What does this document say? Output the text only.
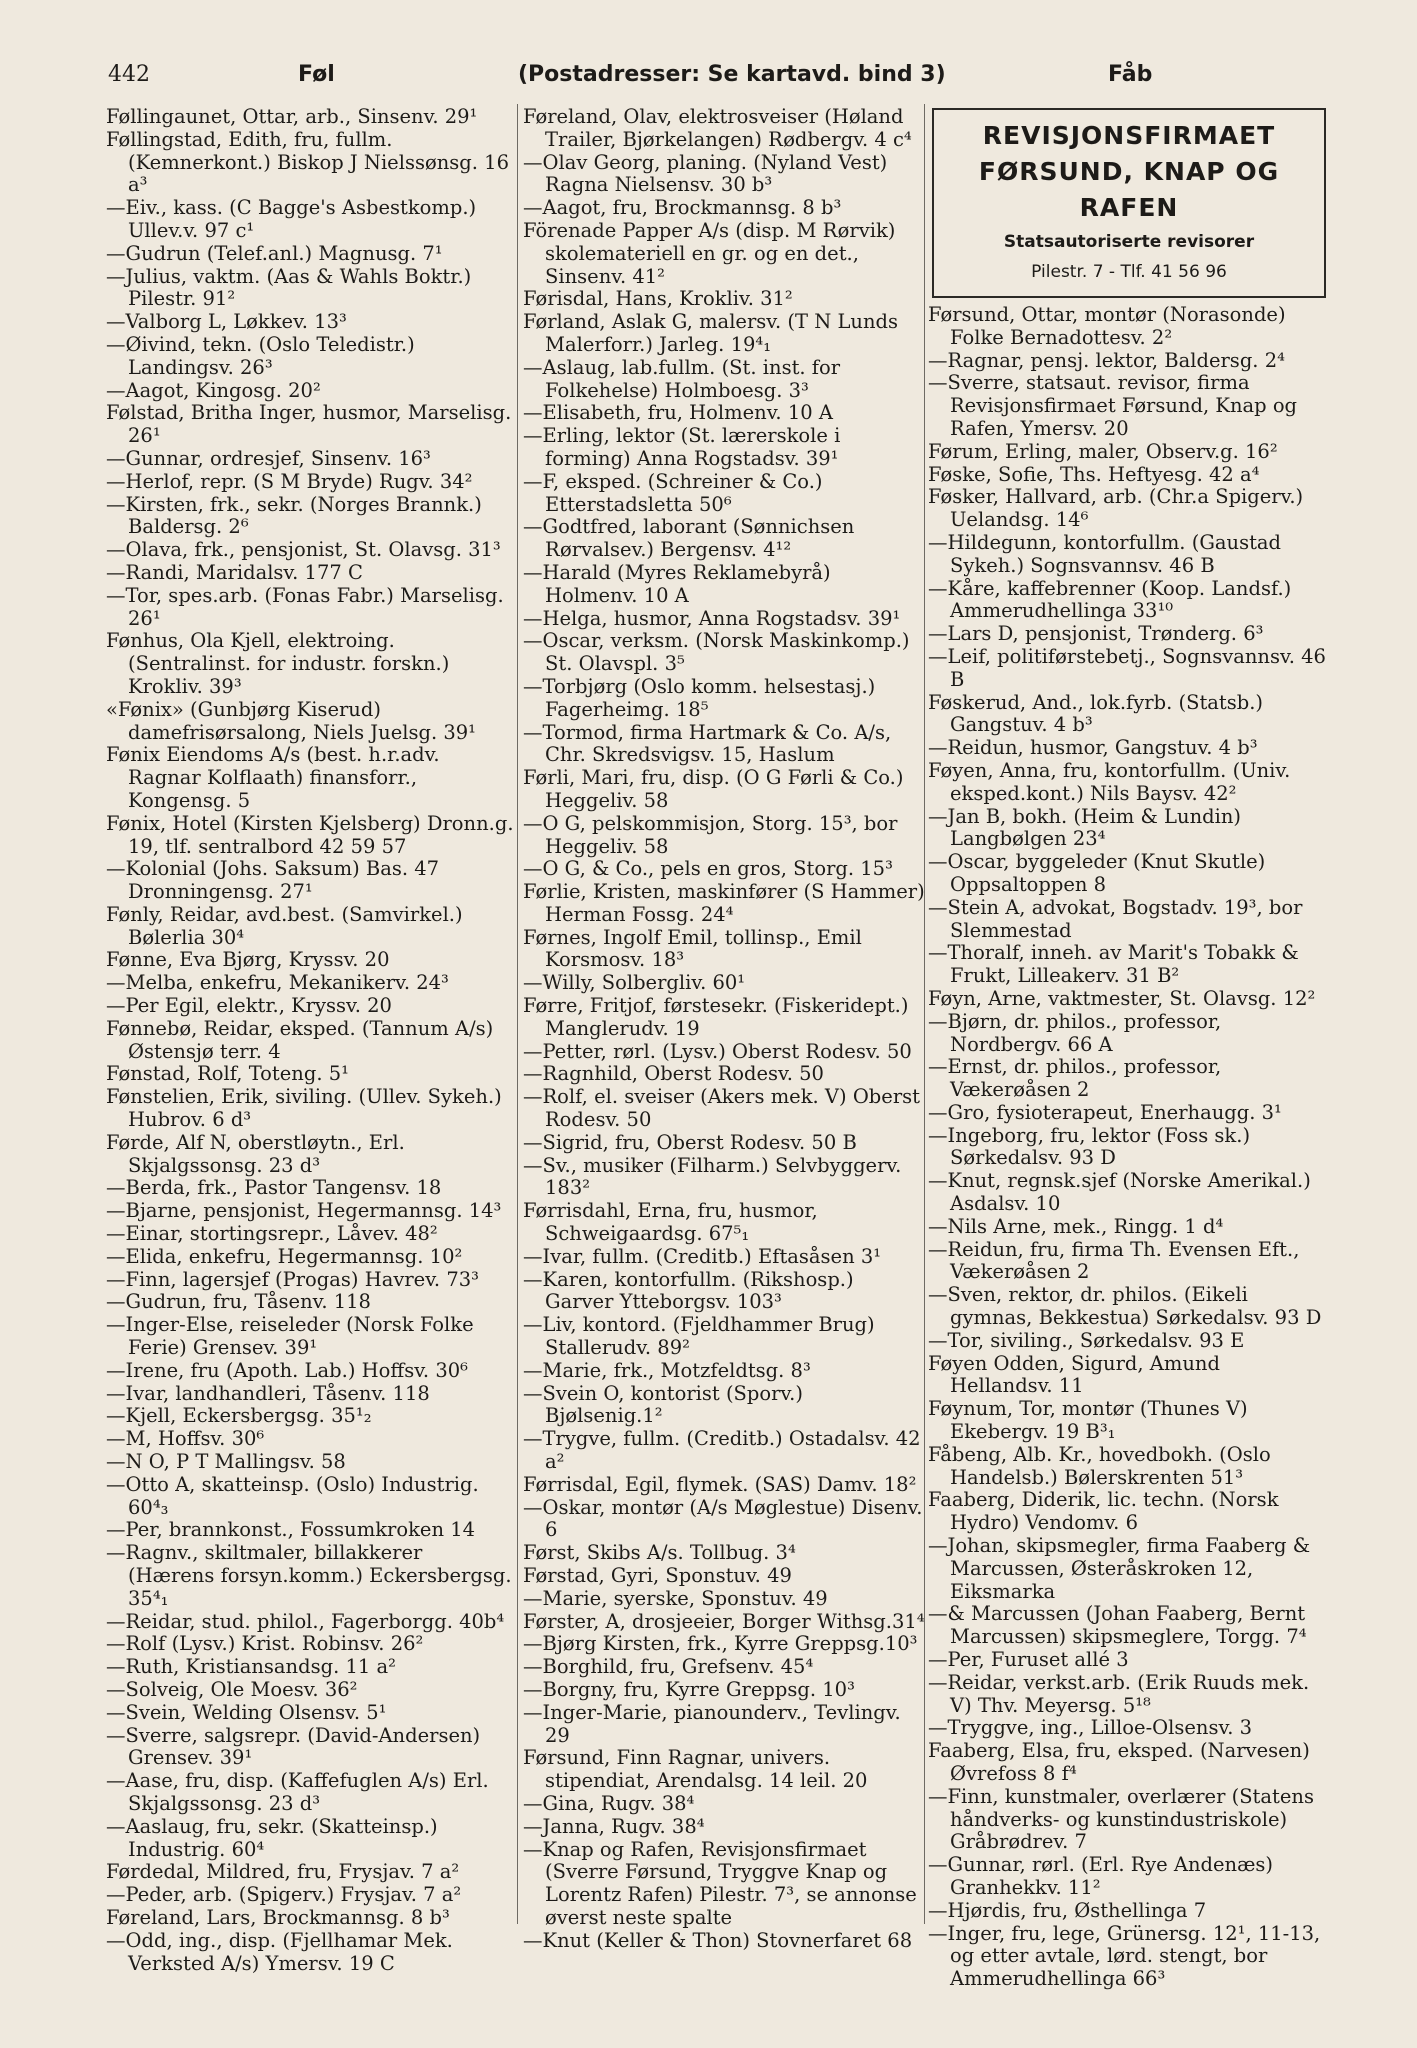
442	Føl	(Postadresser: Se kartavd. bind 3)	Fåb
Føllingaunet, Ottar, arb., Sinsenv. 29¹
Føllingstad, Edith, fru, fullm. (Kemnerkont.) Biskop J Nielssønsg. 16 a³
—Eiv., kass. (C Bagge's Asbestkomp.) Ullev.v. 97 c¹
—Gudrun (Telef.anl.) Magnusg. 7¹
—Julius, vaktm. (Aas & Wahls Boktr.) Pilestr. 91²
—Valborg L, Løkkev. 13³
—Øivind, tekn. (Oslo Teledistr.) Landingsv. 26³
—Aagot, Kingosg. 20²
Følstad, Britha Inger, husmor, Marselisg. 26¹
—Gunnar, ordresjef, Sinsenv. 16³
—Herlof, repr. (S M Bryde) Rugv. 34²
—Kirsten, frk., sekr. (Norges Brannk.) Baldersg. 2⁶
—Olava, frk., pensjonist, St. Olavsg. 31³
—Randi, Maridalsv. 177 C
—Tor, spes.arb. (Fonas Fabr.) Marselisg. 26¹
Fønhus, Ola Kjell, elektroing. (Sentralinst. for industr. forskn.) Krokliv. 39³
«Fønix» (Gunbjørg Kiserud) damefrisørsalong, Niels Juelsg. 39¹
Fønix Eiendoms A/s (best. h.r.adv. Ragnar Kolflaath) finansforr., Kongensg. 5
Fønix, Hotel (Kirsten Kjelsberg) Dronn.g. 19, tlf. sentralbord 42 59 57
—Kolonial (Johs. Saksum) Bas. 47 Dronningensg. 27¹
Fønly, Reidar, avd.best. (Samvirkel.) Bølerlia 30⁴
Fønne, Eva Bjørg, Kryssv. 20
—Melba, enkefru, Mekanikerv. 24³
—Per Egil, elektr., Kryssv. 20
Fønnebø, Reidar, eksped. (Tannum A/s) Østensjø terr. 4
Fønstad, Rolf, Toteng. 5¹
Fønstelien, Erik, siviling. (Ullev. Sykeh.) Hubrov. 6 d³
Førde, Alf N, oberstløytn., Erl. Skjalgssonsg. 23 d³
—Berda, frk., Pastor Tangensv. 18
—Bjarne, pensjonist, Hegermannsg. 14³
—Einar, stortingsrepr., Låvev. 48²
—Elida, enkefru, Hegermannsg. 10²
—Finn, lagersjef (Progas) Havrev. 73³
—Gudrun, fru, Tåsenv. 118
—Inger-Else, reiseleder (Norsk Folke Ferie) Grensev. 39¹
—Irene, fru (Apoth. Lab.) Hoffsv. 30⁶
—Ivar, landhandleri, Tåsenv. 118
—Kjell, Eckersbergsg. 35¹₂
—M, Hoffsv. 30⁶
—N O, P T Mallingsv. 58
—Otto A, skatteinsp. (Oslo) Industrig. 60⁴₃
—Per, brannkonst., Fossumkroken 14
—Ragnv., skiltmaler, billakkerer (Hærens forsyn.komm.) Eckersbergsg. 35⁴₁
—Reidar, stud. philol., Fagerborgg. 40b⁴
—Rolf (Lysv.) Krist. Robinsv. 26²
—Ruth, Kristiansandsg. 11 a²
—Solveig, Ole Moesv. 36²
—Svein, Welding Olsensv. 5¹
—Sverre, salgsrepr. (David-Andersen) Grensev. 39¹
—Aase, fru, disp. (Kaffefuglen A/s) Erl. Skjalgssonsg. 23 d³
—Aaslaug, fru, sekr. (Skatteinsp.) Industrig. 60⁴
Førdedal, Mildred, fru, Frysjav. 7 a²
—Peder, arb. (Spigerv.) Frysjav. 7 a²
Føreland, Lars, Brockmannsg. 8 b³
—Odd, ing., disp. (Fjellhamar Mek. Verksted A/s) Ymersv. 19 C
Føreland, Olav, elektrosveiser (Høland Trailer, Bjørkelangen) Rødbergv. 4 c⁴
—Olav Georg, planing. (Nyland Vest) Ragna Nielsensv. 30 b³
—Aagot, fru, Brockmannsg. 8 b³
Förenade Papper A/s (disp. M Rørvik) skolemateriell en gr. og en det., Sinsenv. 41²
Førisdal, Hans, Krokliv. 31²
Førland, Aslak G, malersv. (T N Lunds Malerforr.) Jarleg. 19⁴₁
—Aslaug, lab.fullm. (St. inst. for Folkehelse) Holmboesg. 3³
—Elisabeth, fru, Holmenv. 10 A
—Erling, lektor (St. lærerskole i forming) Anna Rogstadsv. 39¹
—F, eksped. (Schreiner & Co.) Etterstadsletta 50⁶
—Godtfred, laborant (Sønnichsen Rørvalsev.) Bergensv. 4¹²
—Harald (Myres Reklamebyrå) Holmenv. 10 A
—Helga, husmor, Anna Rogstadsv. 39¹
—Oscar, verksm. (Norsk Maskinkomp.) St. Olavspl. 3⁵
—Torbjørg (Oslo komm. helsestasj.) Fagerheimg. 18⁵
—Tormod, firma Hartmark & Co. A/s, Chr. Skredsvigsv. 15, Haslum
Førli, Mari, fru, disp. (O G Førli & Co.) Heggeliv. 58
—O G, pelskommisjon, Storg. 15³, bor Heggeliv. 58
—O G, & Co., pels en gros, Storg. 15³
Førlie, Kristen, maskinfører (S Hammer) Herman Fossg. 24⁴
Førnes, Ingolf Emil, tollinsp., Emil Korsmosv. 18³
—Willy, Solbergliv. 60¹
Førre, Fritjof, førstesekr. (Fiskeridept.) Manglerudv. 19
—Petter, rørl. (Lysv.) Oberst Rodesv. 50
—Ragnhild, Oberst Rodesv. 50
—Rolf, el. sveiser (Akers mek. V) Oberst Rodesv. 50
—Sigrid, fru, Oberst Rodesv. 50 B
—Sv., musiker (Filharm.) Selvbyggerv. 183²
Førrisdahl, Erna, fru, husmor, Schweigaardsg. 67⁵₁
—Ivar, fullm. (Creditb.) Eftasåsen 3¹
—Karen, kontorfullm. (Rikshosp.) Garver Ytteborgsv. 103³
—Liv, kontord. (Fjeldhammer Brug) Stallerudv. 89²
—Marie, frk., Motzfeldtsg. 8³
—Svein O, kontorist (Sporv.) Bjølsenig.1²
—Trygve, fullm. (Creditb.) Ostadalsv. 42 a²
Førrisdal, Egil, flymek. (SAS) Damv. 18²
—Oskar, montør (A/s Møglestue) Disenv. 6
Først, Skibs A/s. Tollbug. 3⁴
Førstad, Gyri, Sponstuv. 49
—Marie, syerske, Sponstuv. 49
Førster, A, drosjeeier, Borger Withsg.31⁴
—Bjørg Kirsten, frk., Kyrre Greppsg.10³
—Borghild, fru, Grefsenv. 45⁴
—Borgny, fru, Kyrre Greppsg. 10³
—Inger-Marie, pianounderv., Tevlingv. 29
Førsund, Finn Ragnar, univers. stipendiat, Arendalsg. 14 leil. 20
—Gina, Rugv. 38⁴
—Janna, Rugv. 38⁴
—Knap og Rafen, Revisjonsfirmaet (Sverre Førsund, Tryggve Knap og Lorentz Rafen) Pilestr. 7³, se annonse øverst neste spalte
—Knut (Keller & Thon) Stovnerfaret 68
REVISJONSFIRMAET
FØRSUND, KNAP OG RAFEN
Statsautoriserte revisorer
Pilestr. 7 - Tlf. 41 56 96
Førsund, Ottar, montør (Norasonde) Folke Bernadottesv. 2²
—Ragnar, pensj. lektor, Baldersg. 2⁴
—Sverre, statsaut. revisor, firma Revisjonsfirmaet Førsund, Knap og Rafen, Ymersv. 20
Førum, Erling, maler, Observ.g. 16²
Føske, Sofie, Ths. Heftyesg. 42 a⁴
Føsker, Hallvard, arb. (Chr.a Spigerv.) Uelandsg. 14⁶
—Hildegunn, kontorfullm. (Gaustad Sykeh.) Sognsvannsv. 46 B
—Kåre, kaffebrenner (Koop. Landsf.) Ammerudhellinga 33¹⁰
—Lars D, pensjonist, Trønderg. 6³
—Leif, politiførstebetj., Sognsvannsv. 46 B
Føskerud, And., lok.fyrb. (Statsb.) Gangstuv. 4 b³
—Reidun, husmor, Gangstuv. 4 b³
Føyen, Anna, fru, kontorfullm. (Univ. eksped.kont.) Nils Baysv. 42²
—Jan B, bokh. (Heim & Lundin) Langbølgen 23⁴
—Oscar, byggeleder (Knut Skutle) Oppsaltoppen 8
—Stein A, advokat, Bogstadv. 19³, bor Slemmestad
—Thoralf, inneh. av Marit's Tobakk & Frukt, Lilleakerv. 31 B²
Føyn, Arne, vaktmester, St. Olavsg. 12²
—Bjørn, dr. philos., professor, Nordbergv. 66 A
—Ernst, dr. philos., professor, Vækerøåsen 2
—Gro, fysioterapeut, Enerhaugg. 3¹
—Ingeborg, fru, lektor (Foss sk.) Sørkedalsv. 93 D
—Knut, regnsk.sjef (Norske Amerikal.) Asdalsv. 10
—Nils Arne, mek., Ringg. 1 d⁴
—Reidun, fru, firma Th. Evensen Eft., Vækerøåsen 2
—Sven, rektor, dr. philos. (Eikeli gymnas, Bekkestua) Sørkedalsv. 93 D
—Tor, siviling., Sørkedalsv. 93 E
Føyen Odden, Sigurd, Amund Hellandsv. 11
Føynum, Tor, montør (Thunes V) Ekebergv. 19 B³₁
Fåbeng, Alb. Kr., hovedbokh. (Oslo Handelsb.) Bølerskrenten 51³
Faaberg, Diderik, lic. techn. (Norsk Hydro) Vendomv. 6
—Johan, skipsmegler, firma Faaberg & Marcussen, Østeråskroken 12, Eiksmarka
—& Marcussen (Johan Faaberg, Bernt Marcussen) skipsmeglere, Torgg. 7⁴
—Per, Furuset allé 3
—Reidar, verkst.arb. (Erik Ruuds mek. V) Thv. Meyersg. 5¹⁸
—Tryggve, ing., Lilloe-Olsensv. 3
Faaberg, Elsa, fru, eksped. (Narvesen) Øvrefoss 8 f⁴
—Finn, kunstmaler, overlærer (Statens håndverks- og kunstindustriskole) Gråbrødrev. 7
—Gunnar, rørl. (Erl. Rye Andenæs) Granhekkv. 11²
—Hjørdis, fru, Østhellinga 7
—Inger, fru, lege, Grünersg. 12¹, 11-13, og etter avtale, lørd. stengt, bor Ammerudhellinga 66³
